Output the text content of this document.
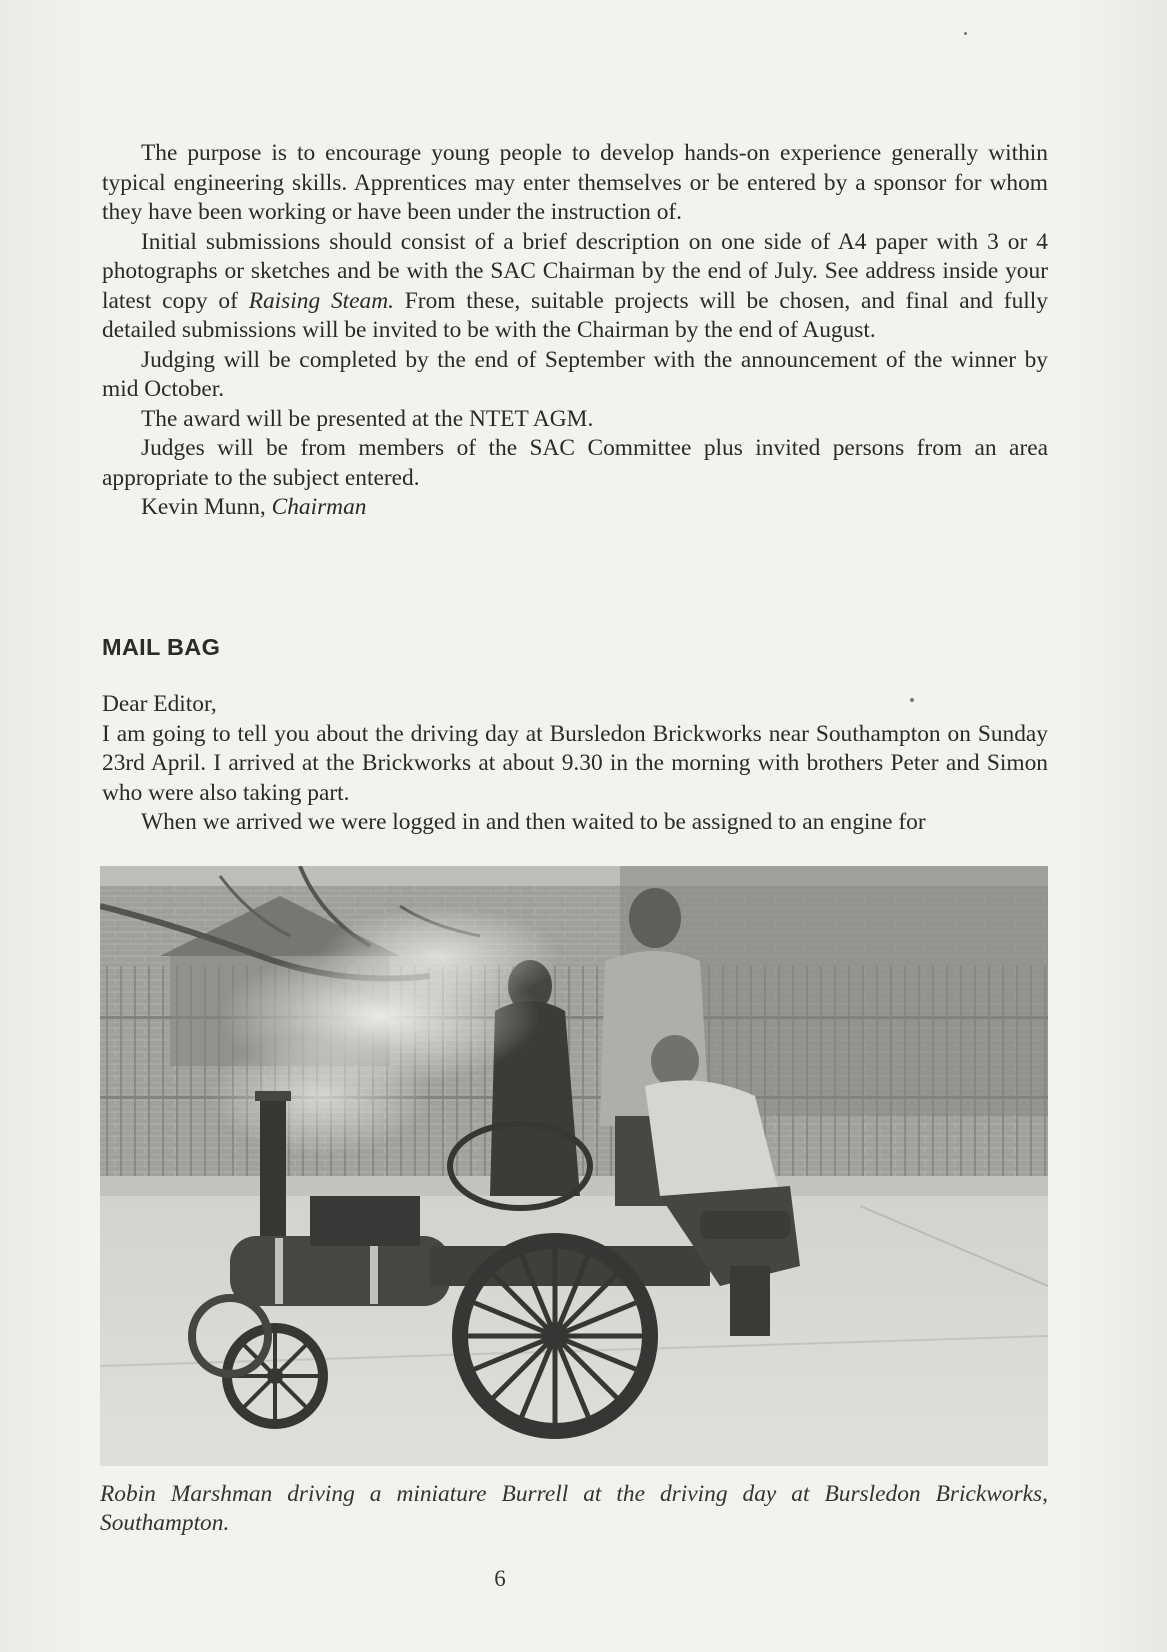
The purpose is to encourage young people to develop hands-on experience generally within typical engineering skills. Apprentices may enter themselves or be entered by a sponsor for whom they have been working or have been under the instruction of.

Initial submissions should consist of a brief description on one side of A4 paper with 3 or 4 photographs or sketches and be with the SAC Chairman by the end of July. See address inside your latest copy of Raising Steam. From these, suitable projects will be chosen, and final and fully detailed submissions will be invited to be with the Chairman by the end of August.

Judging will be completed by the end of September with the announcement of the winner by mid October.

The award will be presented at the NTET AGM.

Judges will be from members of the SAC Committee plus invited persons from an area appropriate to the subject entered.

Kevin Munn, Chairman

MAIL BAG

Dear Editor,

I am going to tell you about the driving day at Bursledon Brickworks near Southampton on Sunday 23rd April. I arrived at the Brickworks at about 9.30 in the morning with brothers Peter and Simon who were also taking part.

When we arrived we were logged in and then waited to be assigned to an engine for

Robin Marshman driving a miniature Burrell at the driving day at Bursledon Brickworks, Southampton.

6
